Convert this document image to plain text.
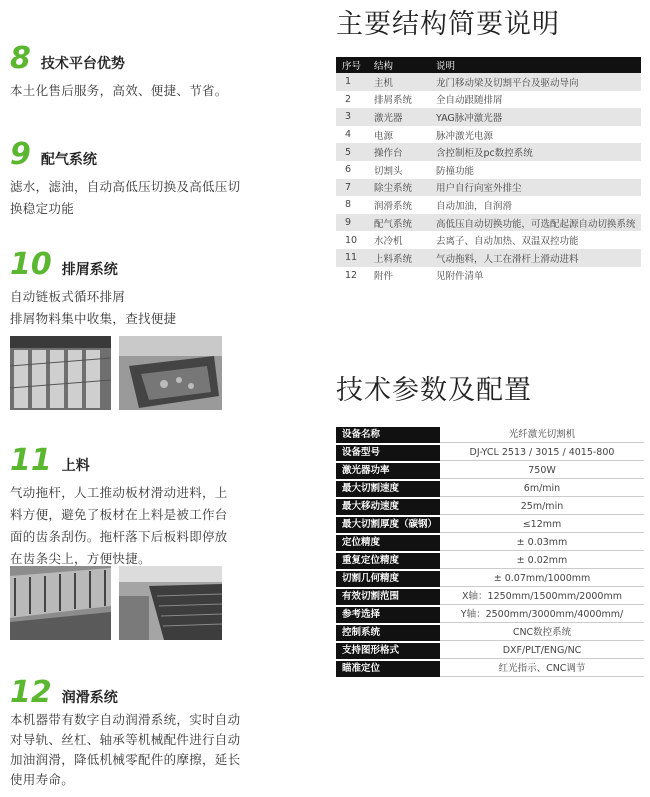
8 技术平台优势
本土化售后服务，高效、便捷、节省。
9 配气系统
滤水，滤油，自动高低压切换及高低压切
换稳定功能
10 排屑系统
自动链板式循环排屑
排屑物料集中收集，查找便捷
11 上料
气动拖杆，人工推动板材滑动进料，上
料方便，避免了板材在上料是被工作台
面的齿条刮伤。拖杆落下后板料即停放
在齿条尖上，方便快捷。
12 润滑系统
本机器带有数字自动润滑系统，实时自动
对导轨、丝杠、轴承等机械配件进行自动
加油润滑，降低机械零配件的摩擦，延长
使用寿命。
主要结构简要说明
序号	结构	说明
1	主机	龙门移动梁及切割平台及驱动导向
2	排屑系统	全自动跟随排屑
3	激光器	YAG脉冲激光器
4	电源	脉冲激光电源
5	操作台	含控制柜及pc数控系统
6	切割头	防撞功能
7	除尘系统	用户自行向室外排尘
8	润滑系统	自动加油，自润滑
9	配气系统	高低压自动切换功能，可选配起源自动切换系统
10	水冷机	去离子、自动加热、双温双控功能
11	上料系统	气动拖料，人工在滑杆上滑动进料
12	附件	见附件清单
技术参数及配置
设备名称	光纤激光切割机
设备型号	DJ-YCL 2513 / 3015 / 4015-800
激光器功率	750W
最大切割速度	6m/min
最大移动速度	25m/min
最大切割厚度（碳钢）	≤12mm
定位精度	± 0.03mm
重复定位精度	± 0.02mm
切割几何精度	± 0.07mm/1000mm
有效切割范围	X轴：1250mm/1500mm/2000mm
参考选择	Y轴：2500mm/3000mm/4000mm/
控制系统	CNC数控系统
支持图形格式	DXF/PLT/ENG/NC
瞄准定位	红光指示、CNC调节
